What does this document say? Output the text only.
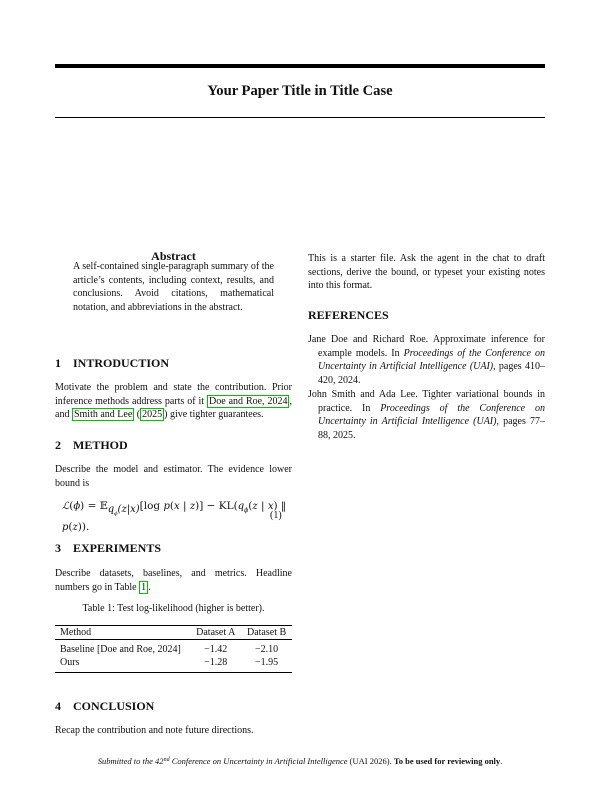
Your Paper Title in Title Case
Abstract

A self-contained single-paragraph summary of the article’s contents, including context, results, and conclusions. Avoid citations, mathematical notation, and abbreviations in the abstract.

1 INTRODUCTION
Motivate the problem and state the contribution. Prior inference methods address parts of it Doe and Roe, 2024 , and Smith and Lee ( 2025 ) give tighter guarantees.
2 METHOD
Describe the model and estimator. The evidence lower bound is
ℒ(ϕ) = 𝔼$_{q_\phi(z|x)}$[log p(x | $z)] - KL(q_\phi(z$ | x) ‖ p(z)).
(1)
3 EXPERIMENTS
Describe datasets, baselines, and metrics. Headline numbers go in Table 1 .
Table 1: Test log-likelihood (higher is better).
Method	Dataset A	Dataset B
Baseline [Doe and Roe, 2024]	−1.42	−2.10
Ours	−1.28	−1.95
4 CONCLUSION
Recap the contribution and note future directions.
This is a starter file. Ask the agent in the chat to draft sections, derive the bound, or typeset your existing notes into this format.
REFERENCES
Jane Doe and Richard Roe. Approximate inference for example models. In Proceedings of the Conference on Uncertainty in Artificial Intelligence (UAI), pages 410–420, 2024.
John Smith and Ada Lee. Tighter variational bounds in practice. In Proceedings of the Conference on Uncertainty in Artificial Intelligence (UAI), pages 77–88, 2025.
Submitted to the 42nd Conference on Uncertainty in Artificial Intelligence (UAI 2026). To be used for reviewing only.
